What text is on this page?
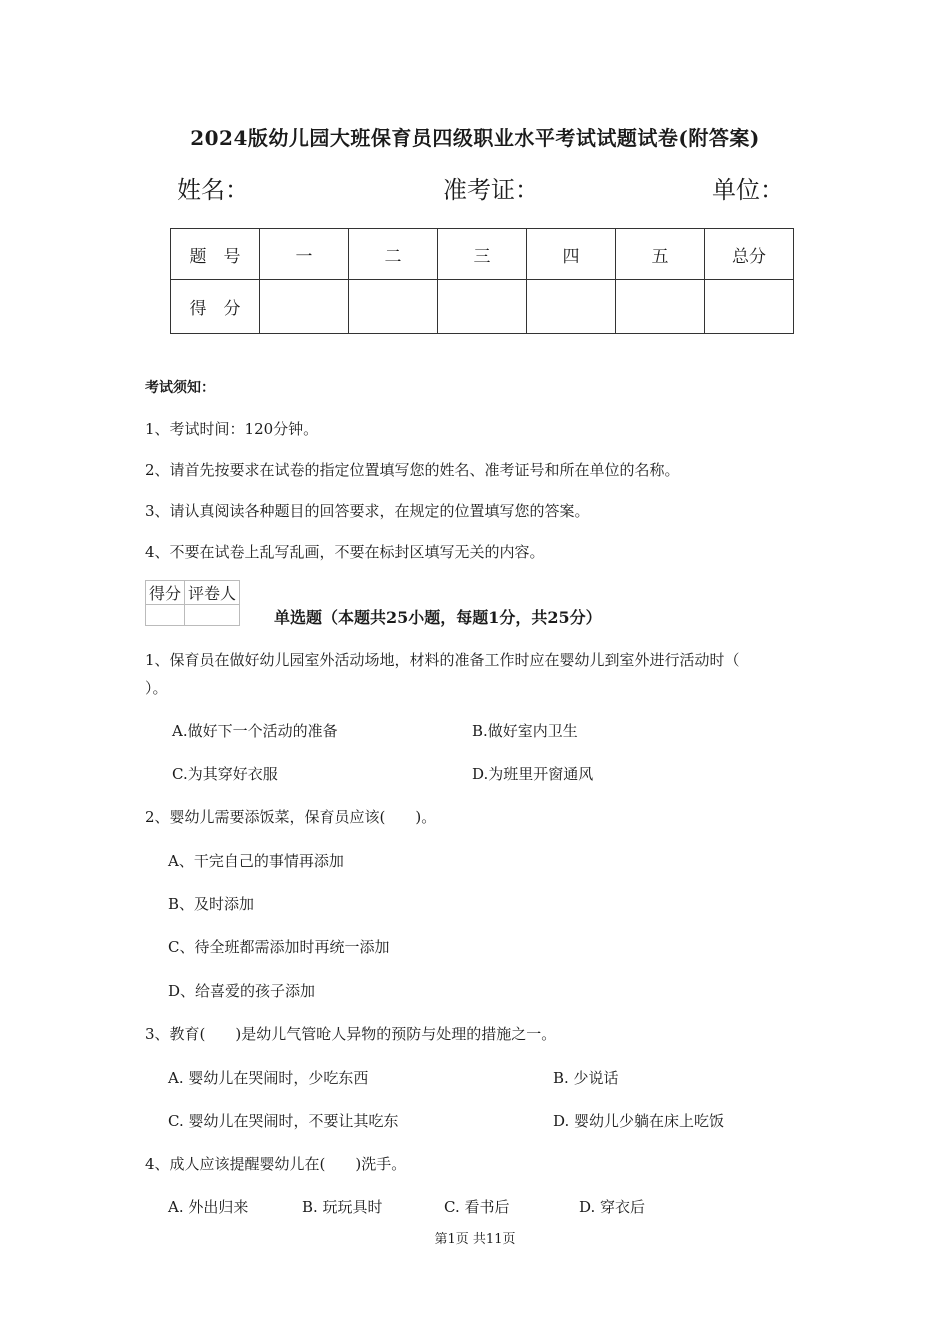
2024版幼儿园大班保育员四级职业水平考试试题试卷(附答案)
姓名：	准考证：	单位：
题　号	一	二	三	四	五	总分
得　分						
考试须知：
1、考试时间：120分钟。
2、请首先按要求在试卷的指定位置填写您的姓名、准考证号和所在单位的名称。
3、请认真阅读各种题目的回答要求，在规定的位置填写您的答案。
4、不要在试卷上乱写乱画，不要在标封区填写无关的内容。
得分	评卷人

单选题（本题共25小题，每题1分，共25分）
1、保育员在做好幼儿园室外活动场地，材料的准备工作时应在婴幼儿到室外进行活动时（
）。
A.做好下一个活动的准备	B.做好室内卫生
C.为其穿好衣服	D.为班里开窗通风
2、婴幼儿需要添饭菜，保育员应该(　　)。
A、干完自己的事情再添加
B、及时添加
C、待全班都需添加时再统一添加
D、给喜爱的孩子添加
3、教育(　　)是幼儿气管呛人异物的预防与处理的措施之一。
A. 婴幼儿在哭闹时，少吃东西	B. 少说话
C. 婴幼儿在哭闹时，不要让其吃东	D. 婴幼儿少躺在床上吃饭
4、成人应该提醒婴幼儿在(　　)洗手。
A. 外出归来	B. 玩玩具时	C. 看书后	D. 穿衣后
第1页 共11页
